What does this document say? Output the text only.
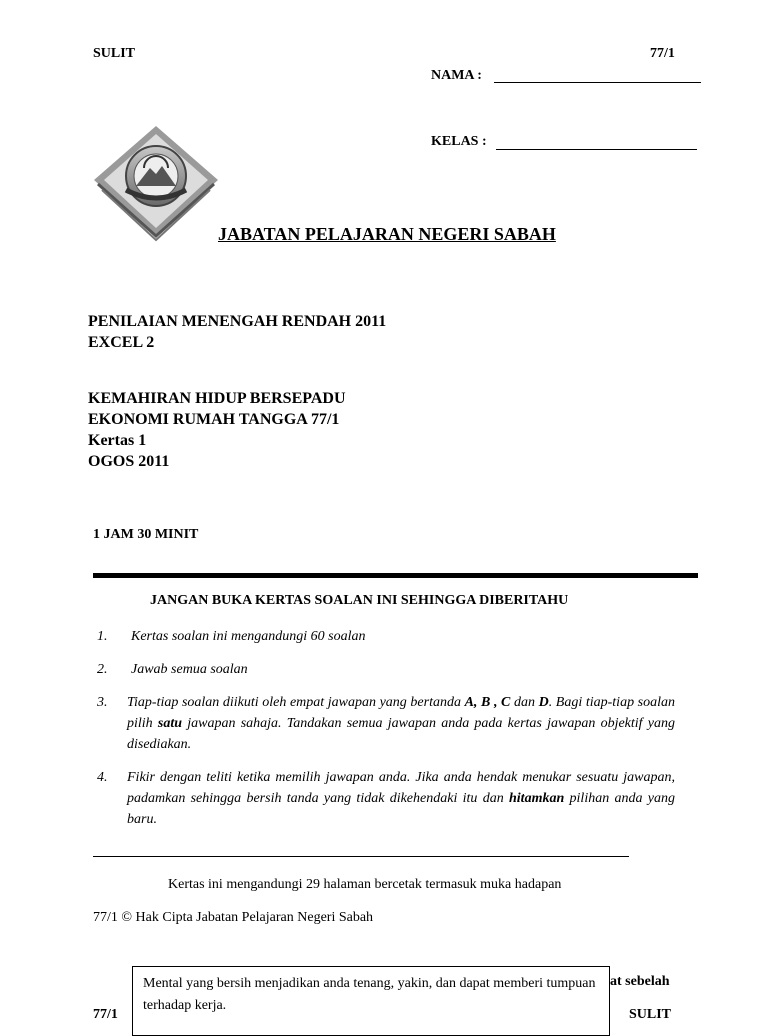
SULIT	77/1
NAMA :
KELAS :
JABATAN PELAJARAN NEGERI SABAH
PENILAIAN MENENGAH RENDAH 2011
EXCEL 2
KEMAHIRAN HIDUP BERSEPADU
EKONOMI RUMAH TANGGA 77/1
Kertas 1
OGOS 2011
1 JAM 30 MINIT
JANGAN BUKA KERTAS SOALAN INI SEHINGGA DIBERITAHU
1.	Kertas soalan ini mengandungi 60 soalan
2.	Jawab semua soalan
3.	Tiap-tiap soalan diikuti oleh empat jawapan yang bertanda A, B , C dan D. Bagi tiap-tiap soalan pilih satu jawapan sahaja. Tandakan semua jawapan anda pada kertas jawapan objektif yang disediakan.
4.	Fikir dengan teliti ketika memilih jawapan anda. Jika anda hendak menukar sesuatu jawapan, padamkan sehingga bersih tanda yang tidak dikehendaki itu dan hitamkan pilihan anda yang baru.
Kertas ini mengandungi 29 halaman bercetak termasuk muka hadapan
77/1 © Hak Cipta Jabatan Pelajaran Negeri Sabah
at sebelah
77/1	SULIT
Mental yang bersih menjadikan anda tenang, yakin, dan dapat memberi tumpuan terhadap kerja.
